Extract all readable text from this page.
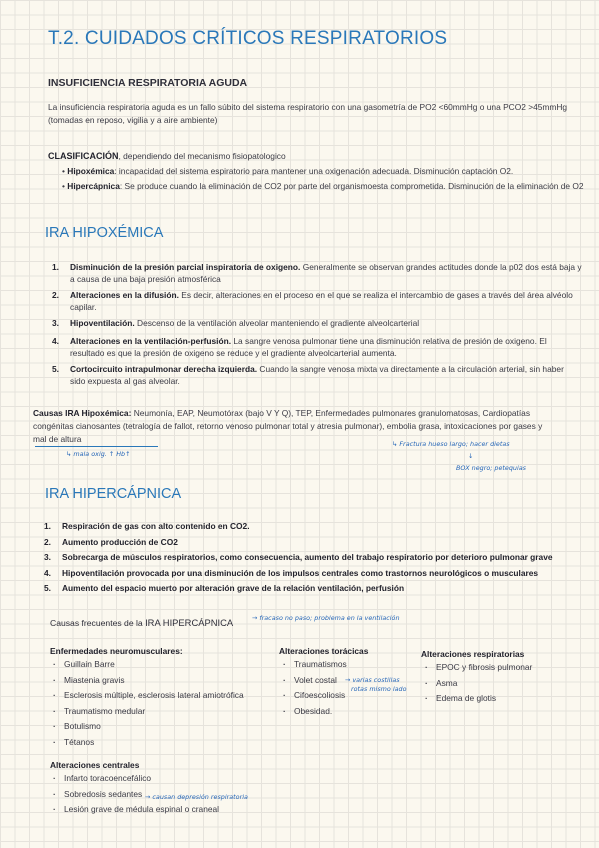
T.2. CUIDADOS CRÍTICOS RESPIRATORIOS
INSUFICIENCIA RESPIRATORIA AGUDA
La insuficiencia respiratoria aguda es un fallo súbito del sistema respiratorio con una gasometría de PO2 <60mmHg o una PCO2 >45mmHg
(tomadas en reposo, vigilia y a aire ambiente)
CLASIFICACIÓN, dependiendo del mecanismo fisiopatologico
• Hipoxémica: incapacidad del sistema espiratorio para mantener una oxigenación adecuada. Disminución captación O2.
• Hipercápnica: Se produce cuando la eliminación de CO2 por parte del organismoesta comprometida. Disminución de la eliminación de O2
IRA HIPOXÉMICA
1. Disminución de la presión parcial inspiratoria de oxigeno. Generalmente se observan grandes actitudes donde la p02 dos está baja y
a causa de una baja presión atmosférica
2. Alteraciones en la difusión. Es decir, alteraciones en el proceso en el que se realiza el intercambio de gases a través del área alvéolo
capilar.
3. Hipoventilación. Descenso de la ventilación alveolar manteniendo el gradiente alveolcarterial
4. Alteraciones en la ventilación-perfusión. La sangre venosa pulmonar tiene una disminución relativa de presión de oxigeno. El
resultado es que la presión de oxigeno se reduce y el gradiente alveolcarterial aumenta.
5. Cortocircuito intrapulmonar derecha izquierda. Cuando la sangre venosa mixta va directamente a la circulación arterial, sin haber
sido expuesta al gas alveolar.
Causas IRA Hipoxémica: Neumonía, EAP, Neumotórax (bajo V Y Q), TEP, Enfermedades pulmonares granulomatosas, Cardiopatías
congénitas cianosantes (tetralogía de fallot, retorno venoso pulmonar total y atresia pulmonar), embolia grasa, intoxicaciones por gases y
mal de altura
↳ mala oxig. ↑ Hb↑
↳ Fractura hueso largo; hacer dietas
↓
BOX negro; petequias
IRA HIPERCÁPNICA
1. Respiración de gas con alto contenido en CO2.
2. Aumento producción de CO2
3. Sobrecarga de músculos respiratorios, como consecuencia, aumento del trabajo respiratorio por deterioro pulmonar grave
4. Hipoventilación provocada por una disminución de los impulsos centrales como trastornos neurológicos o musculares
5. Aumento del espacio muerto por alteración grave de la relación ventilación, perfusión
Causas frecuentes de la IRA HIPERCÁPNICA	→ fracaso no paso; problema en la ventilación
Enfermedades neuromusculares:
· Guillain Barre
· Miastenia gravis
· Esclerosis múltiple, esclerosis lateral amiotrófica
· Traumatismo medular
· Botulismo
· Tétanos
Alteraciones torácicas
· Traumatismos
· Volet costal
· Cifoescoliosis
· Obesidad.
→ varias costillas
rotas mismo lado
Alteraciones respiratorias
· EPOC y fibrosis pulmonar
· Asma
· Edema de glotis
Alteraciones centrales
· Infarto toracoencefálico
· Sobredosis sedantes
· Lesión grave de médula espinal o craneal
→ causan depresión respiratoria
